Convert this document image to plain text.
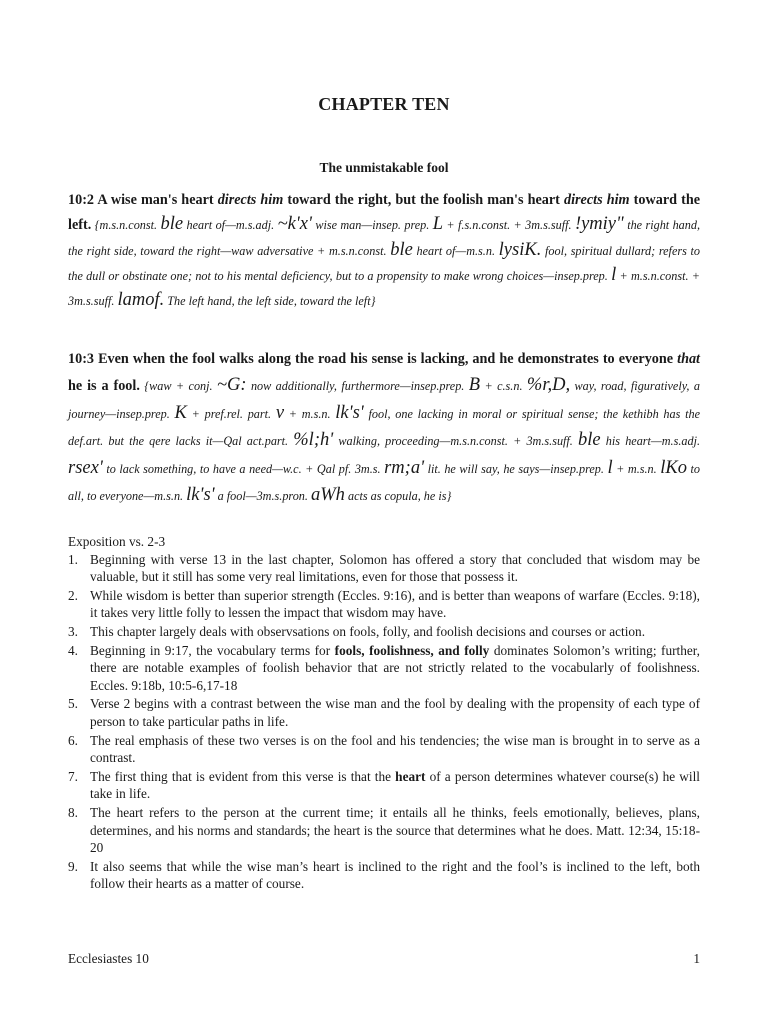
CHAPTER TEN
The unmistakable fool
10:2 A wise man's heart directs him toward the right, but the foolish man's heart directs him toward the left. {m.s.n.const. ble heart of—m.s.adj. ~k'x' wise man—insep. prep. L + f.s.n.const. + 3m.s.suff. !ymiy" the right hand, the right side, toward the right—waw adversative + m.s.n.const. ble heart of—m.s.n. lysiK. fool, spiritual dullard; refers to the dull or obstinate one; not to his mental deficiency, but to a propensity to make wrong choices—insep.prep. l + m.s.n.const. + 3m.s.suff. lamof. The left hand, the left side, toward the left}
10:3 Even when the fool walks along the road his sense is lacking, and he demonstrates to everyone that he is a fool. {waw + conj. ~G: now additionally, furthermore—insep.prep. B + c.s.n. %r,D, way, road, figuratively, a journey—insep.prep. K + pref.rel. part. v + m.s.n. lk's' fool, one lacking in moral or spiritual sense; the kethibh has the def.art. but the qere lacks it—Qal act.part. %l;h' walking, proceeding—m.s.n.const. + 3m.s.suff. ble his heart—m.s.adj. rsex' to lack something, to have a need—w.c. + Qal pf. 3m.s. rm;a' lit. he will say, he says—insep.prep. l + m.s.n. lKo to all, to everyone—m.s.n. lk's' a fool—3m.s.pron. aWh acts as copula, he is}

Exposition vs. 2-3

1. Beginning with verse 13 in the last chapter, Solomon has offered a story that concluded that wisdom may be valuable, but it still has some very real limitations, even for those that possess it.
2. While wisdom is better than superior strength (Eccles. 9:16), and is better than weapons of warfare (Eccles. 9:18), it takes very little folly to lessen the impact that wisdom may have.
3. This chapter largely deals with observsations on fools, folly, and foolish decisions and courses or action.
4. Beginning in 9:17, the vocabulary terms for fools, foolishness, and folly dominates Solomon’s writing; further, there are notable examples of foolish behavior that are not strictly related to the vocabularly of foolishness. Eccles. 9:18b, 10:5-6,17-18
5. Verse 2 begins with a contrast between the wise man and the fool by dealing with the propensity of each type of person to take particular paths in life.
6. The real emphasis of these two verses is on the fool and his tendencies; the wise man is brought in to serve as a contrast.
7. The first thing that is evident from this verse is that the heart of a person determines whatever course(s) he will take in life.
8. The heart refers to the person at the current time; it entails all he thinks, feels emotionally, believes, plans, determines, and his norms and standards; the heart is the source that determines what he does. Matt. 12:34, 15:18-20
9. It also seems that while the wise man’s heart is inclined to the right and the fool’s is inclined to the left, both follow their hearts as a matter of course.
Ecclesiastes 10	1
